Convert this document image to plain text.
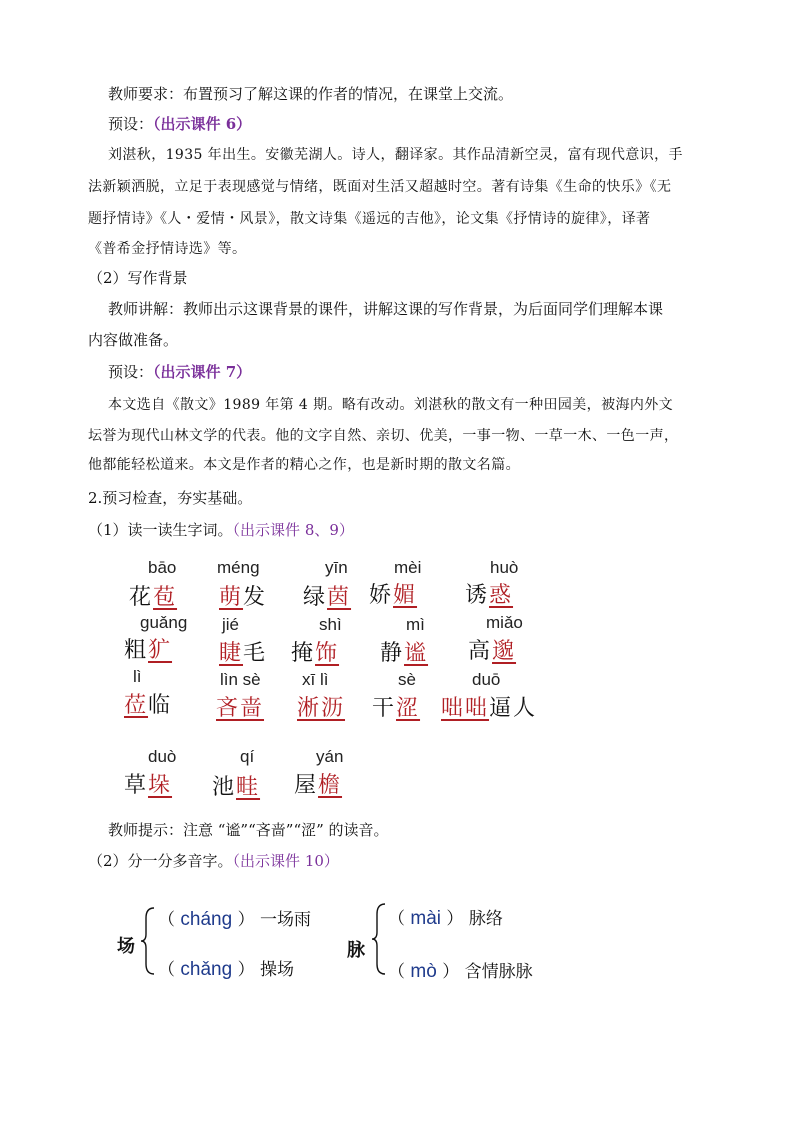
教师要求：布置预习了解这课的作者的情况，在课堂上交流。
预设：（出示课件 6）
刘湛秋，1935 年出生。安徽芜湖人。诗人，翻译家。其作品清新空灵，富有现代意识，手
法新颖洒脱，立足于表现感觉与情绪，既面对生活又超越时空。著有诗集《生命的快乐》《无
题抒情诗》《人・爱情・风景》，散文诗集《遥远的吉他》，论文集《抒情诗的旋律》，译著
《普希金抒情诗选》等。
（2）写作背景
教师讲解：教师出示这课背景的课件，讲解这课的写作背景，为后面同学们理解本课
内容做准备。
预设：（出示课件 7）
本文选自《散文》1989 年第 4 期。略有改动。刘湛秋的散文有一种田园美，被海内外文
坛誉为现代山林文学的代表。他的文字自然、亲切、优美，一事一物、一草一木、一色一声，
他都能轻松道来。本文是作者的精心之作，也是新时期的散文名篇。
2.预习检查，夯实基础。
（1）读一读生字词。（出示课件 8、9）
bāo
花苞
méng
萌发
yīn
绿茵
mèi
娇媚
huò
诱惑
guǎng
粗犷
jié
睫毛
shì
掩饰
mì
静谧
miǎo
高邈
lì
莅临
lìn sè
吝啬
xī lì
淅沥
sè
干涩
duō
咄咄逼人
duò
草垛
qí
池畦
yán
屋檐
教师提示：注意 “谧”“吝啬”“涩” 的读音。
（2）分一分多音字。（出示课件 10）
场
（ cháng ） 一场雨
（ chǎng ） 操场
脉
（ mài ） 脉络
（ mò ） 含情脉脉
